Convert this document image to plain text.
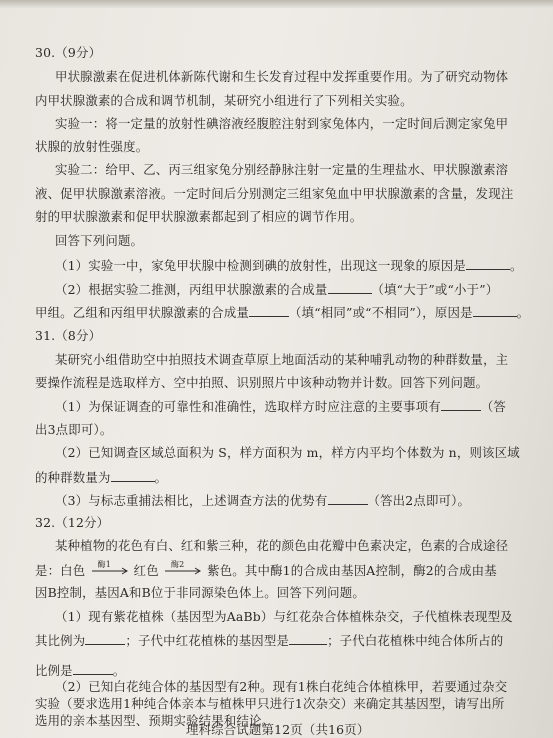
30.（9分）
甲状腺激素在促进机体新陈代谢和生长发育过程中发挥重要作用。为了研究动物体
内甲状腺激素的合成和调节机制，某研究小组进行了下列相关实验。
实验一：将一定量的放射性碘溶液经腹腔注射到家兔体内，一定时间后测定家兔甲
状腺的放射性强度。
实验二：给甲、乙、丙三组家兔分别经静脉注射一定量的生理盐水、甲状腺激素溶
液、促甲状腺激素溶液。一定时间后分别测定三组家兔血中甲状腺激素的含量，发现注
射的甲状腺激素和促甲状腺激素都起到了相应的调节作用。
回答下列问题。
（1）实验一中，家兔甲状腺中检测到碘的放射性，出现这一现象的原因是	。
（2）根据实验二推测，丙组甲状腺激素的合成量	（填“大于”或“小于”）
甲组。乙组和丙组甲状腺激素的合成量	（填“相同”或“不相同”），原因是	。
31.（8分）
某研究小组借助空中拍照技术调查草原上地面活动的某种哺乳动物的种群数量，主
要操作流程是选取样方、空中拍照、识别照片中该种动物并计数。回答下列问题。
（1）为保证调查的可靠性和准确性，选取样方时应注意的主要事项有	（答
出3点即可）。
（2）已知调查区域总面积为 S，样方面积为 m，样方内平均个体数为 n，则该区域
的种群数量为	。
（3）与标志重捕法相比，上述调查方法的优势有	（答出2点即可）。
32.（12分）
某种植物的花色有白、红和紫三种，花的颜色由花瓣中色素决定，色素的合成途径
是：白色 酶1 红色 酶2 紫色。其中酶1的合成由基因A控制，酶2的合成由基
因B控制，基因A和B位于非同源染色体上。回答下列问题。
（1）现有紫花植株（基因型为AaBb）与红花杂合体植株杂交，子代植株表现型及
其比例为	；子代中红花植株的基因型是	；子代白花植株中纯合体所占的
比例是	。
（2）已知白花纯合体的基因型有2种。现有1株白花纯合体植株甲，若要通过杂交
实验（要求选用1种纯合体亲本与植株甲只进行1次杂交）来确定其基因型，请写出所
选用的亲本基因型、预期实验结果和结论。
理科综合试题第12页（共16页）
